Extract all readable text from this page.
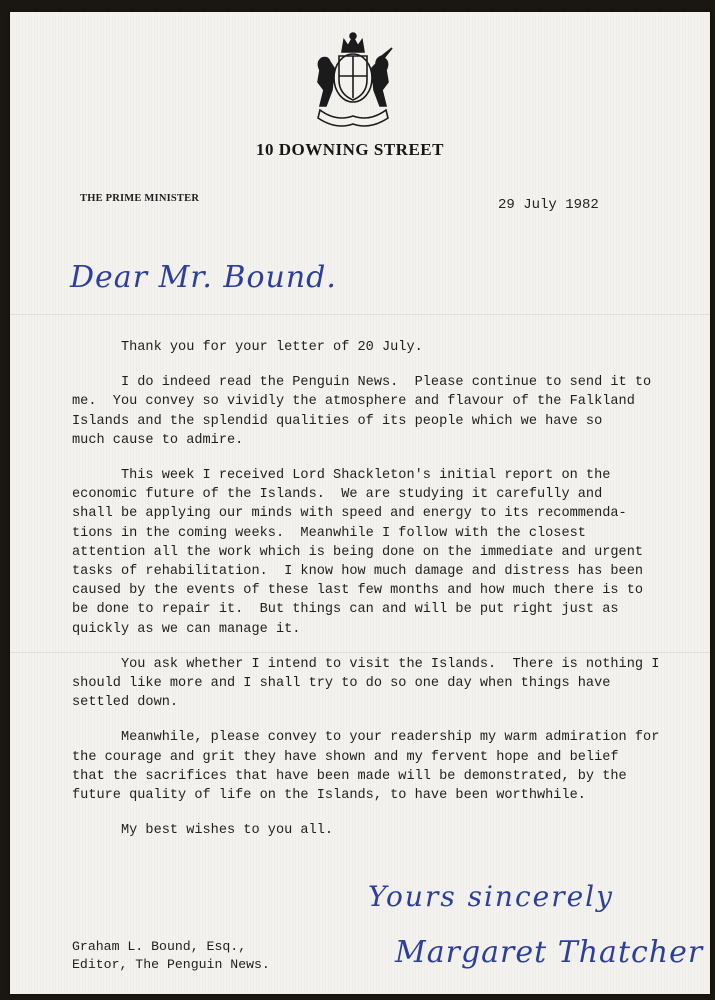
10 DOWNING STREET
THE PRIME MINISTER	29 July 1982
Dear Mr. Bound.
Thank you for your letter of 20 July.
I do indeed read the Penguin News.  Please continue to send it to
me.  You convey so vividly the atmosphere and flavour of the Falkland
Islands and the splendid qualities of its people which we have so
much cause to admire.
This week I received Lord Shackleton's initial report on the
economic future of the Islands.  We are studying it carefully and
shall be applying our minds with speed and energy to its recommenda-
tions in the coming weeks.  Meanwhile I follow with the closest
attention all the work which is being done on the immediate and urgent
tasks of rehabilitation.  I know how much damage and distress has been
caused by the events of these last few months and how much there is to
be done to repair it.  But things can and will be put right just as
quickly as we can manage it.
You ask whether I intend to visit the Islands.  There is nothing I
should like more and I shall try to do so one day when things have
settled down.
Meanwhile, please convey to your readership my warm admiration for
the courage and grit they have shown and my fervent hope and belief
that the sacrifices that have been made will be demonstrated, by the
future quality of life on the Islands, to have been worthwhile.
My best wishes to you all.
Yours sincerely
Margaret Thatcher
Graham L. Bound, Esq.,
Editor, The Penguin News.
